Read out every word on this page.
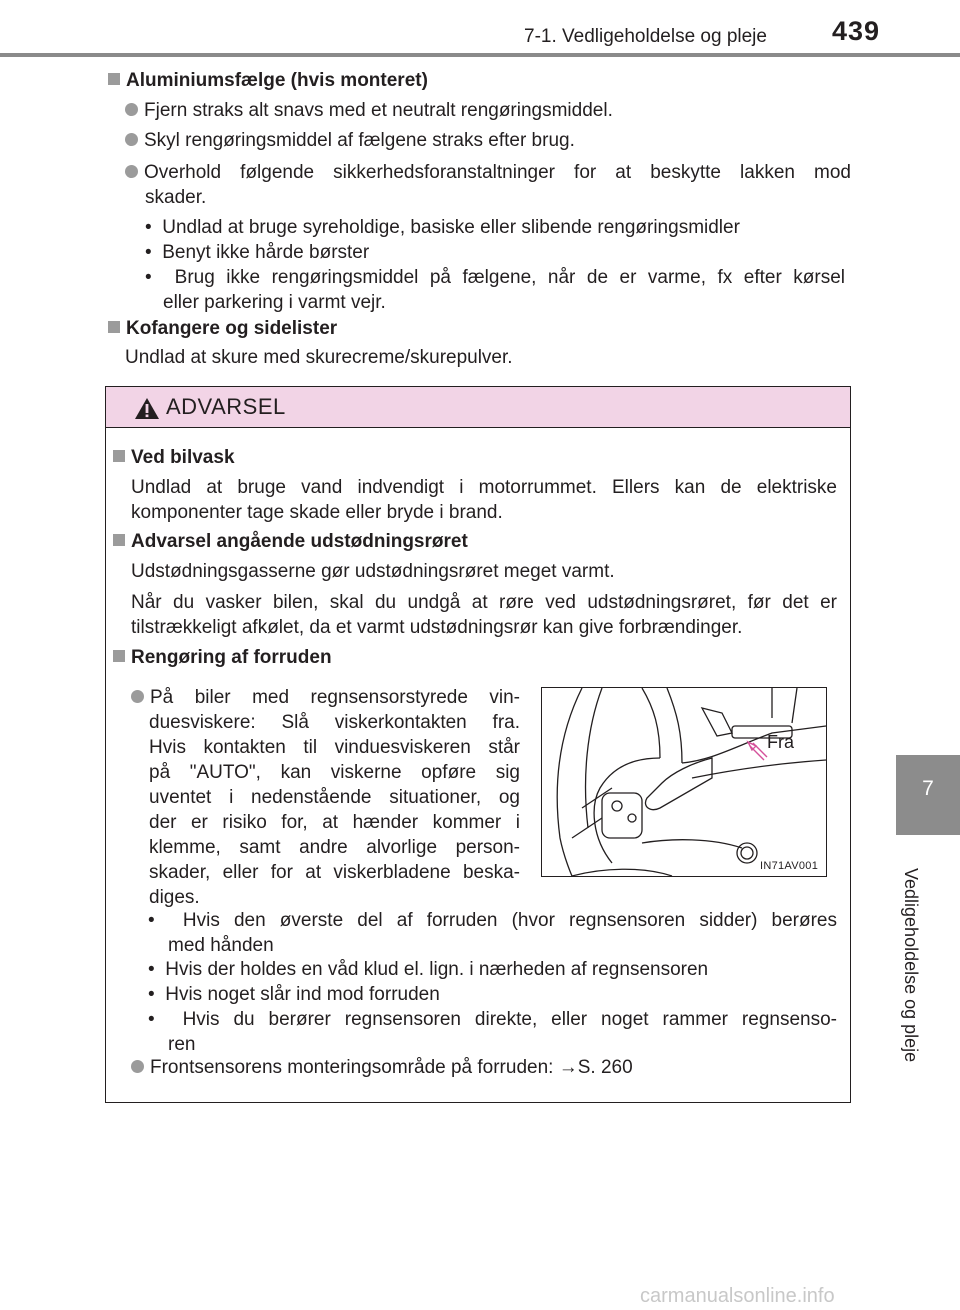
7-1. Vedligeholdelse og pleje 439
7
Vedligeholdelse og pleje
Aluminiumsfælge (hvis monteret)
Fjern straks alt snavs med et neutralt rengøringsmiddel.
Skyl rengøringsmiddel af fælgene straks efter brug.
Overhold følgende sikkerhedsforanstaltninger for at beskytte lakken mod
skader.
•  Undlad at bruge syreholdige, basiske eller slibende rengøringsmidler
•  Benyt ikke hårde børster
•  Brug ikke rengøringsmiddel på fælgene, når de er varme, fx efter kørsel
eller parkering i varmt vejr.
Kofangere og sidelister
Undlad at skure med skurecreme/skurepulver.
ADVARSEL
Ved bilvask
Undlad at bruge vand indvendigt i motorrummet. Ellers kan de elektriske
komponenter tage skade eller bryde i brand.
Advarsel angående udstødningsrøret
Udstødningsgasserne gør udstødningsrøret meget varmt.
Når du vasker bilen, skal du undgå at røre ved udstødningsrøret, før det er
tilstrækkeligt afkølet, da et varmt udstødningsrør kan give forbrændinger.
Rengøring af forruden
På biler med regnsensorstyrede vin-
duesviskere: Slå viskerkontakten fra.
Hvis kontakten til vinduesviskeren står
på "AUTO", kan viskerne opføre sig
uventet i nedenstående situationer, og
der er risiko for, at hænder kommer i
klemme, samt andre alvorlige person-
skader, eller for at viskerbladene beska-
diges.
Fra
IN71AV001
•  Hvis den øverste del af forruden (hvor regnsensoren sidder) berøres
med hånden
•  Hvis der holdes en våd klud el. lign. i nærheden af regnsensoren
•  Hvis noget slår ind mod forruden
•  Hvis du berører regnsensoren direkte, eller noget rammer regnsenso-
ren
Frontsensorens monteringsområde på forruden: →S. 260
carmanualsonline.info
